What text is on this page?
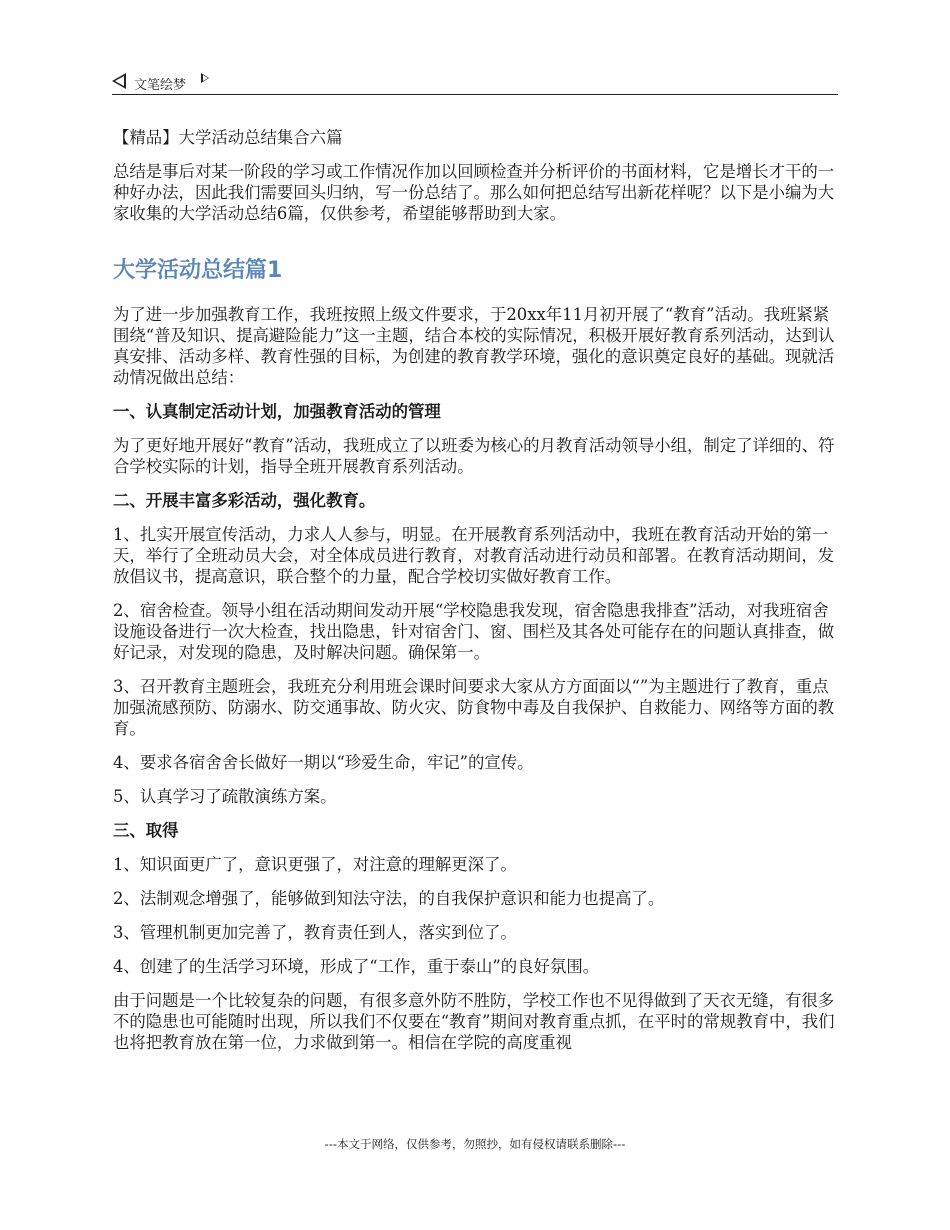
文笔绘梦

【精品】大学活动总结集合六篇

总结是事后对某一阶段的学习或工作情况作加以回顾检查并分析评价的书面材料，它是增长才干的一种好办法，因此我们需要回头归纳，写一份总结了。那么如何把总结写出新花样呢？以下是小编为大家收集的大学活动总结6篇，仅供参考，希望能够帮助到大家。

大学活动总结篇1

为了进一步加强教育工作，我班按照上级文件要求，于20xx年11月初开展了“教育”活动。我班紧紧围绕“普及知识、提高避险能力”这一主题，结合本校的实际情况，积极开展好教育系列活动，达到认真安排、活动多样、教育性强的目标，为创建的教育教学环境，强化的意识奠定良好的基础。现就活动情况做出总结：

一、认真制定活动计划，加强教育活动的管理

为了更好地开展好“教育”活动，我班成立了以班委为核心的月教育活动领导小组，制定了详细的、符合学校实际的计划，指导全班开展教育系列活动。

二、开展丰富多彩活动，强化教育。

1、扎实开展宣传活动，力求人人参与，明显。在开展教育系列活动中，我班在教育活动开始的第一天，举行了全班动员大会，对全体成员进行教育，对教育活动进行动员和部署。在教育活动期间，发放倡议书，提高意识，联合整个的力量，配合学校切实做好教育工作。

2、宿舍检查。领导小组在活动期间发动开展“学校隐患我发现，宿舍隐患我排查”活动，对我班宿舍设施设备进行一次大检查，找出隐患，针对宿舍门、窗、围栏及其各处可能存在的问题认真排查，做好记录，对发现的隐患，及时解决问题。确保第一。

3、召开教育主题班会，我班充分利用班会课时间要求大家从方方面面以“”为主题进行了教育，重点加强流感预防、防溺水、防交通事故、防火灾、防食物中毒及自我保护、自救能力、网络等方面的教育。

4、要求各宿舍舍长做好一期以“珍爱生命，牢记”的宣传。

5、认真学习了疏散演练方案。

三、取得

1、知识面更广了，意识更强了，对注意的理解更深了。

2、法制观念增强了，能够做到知法守法，的自我保护意识和能力也提高了。

3、管理机制更加完善了，教育责任到人，落实到位了。

4、创建了的生活学习环境，形成了“工作，重于泰山”的良好氛围。

由于问题是一个比较复杂的问题，有很多意外防不胜防，学校工作也不见得做到了天衣无缝，有很多不的隐患也可能随时出现，所以我们不仅要在“教育”期间对教育重点抓，在平时的常规教育中，我们也将把教育放在第一位，力求做到第一。相信在学院的高度重视

---本文于网络，仅供参考，勿照抄，如有侵权请联系删除---
